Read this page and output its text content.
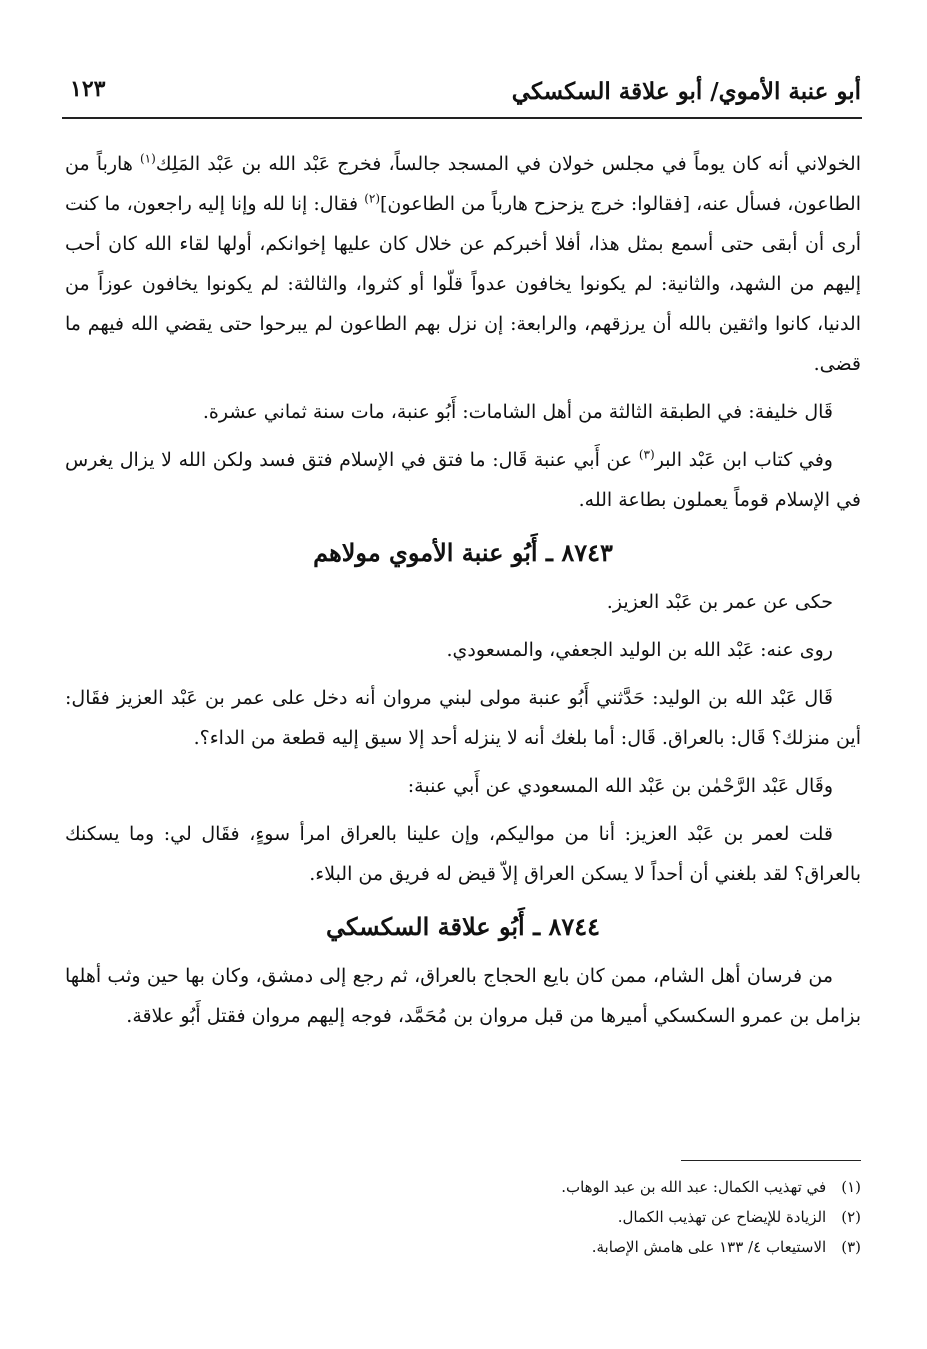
أبو عنبة الأموي/ أبو علاقة السكسكي
١٢٣

الخولاني أنه كان يوماً في مجلس خولان في المسجد جالساً، فخرج عَبْد الله بن عَبْد المَلِك$^{(١)}$ هارباً من الطاعون، فسأل عنه، [فقالوا: خرج يزحزح هارباً من الطاعون]$^{(٢)}$ فقال: إنا لله وإنا إليه راجعون، ما كنت أرى أن أبقى حتى أسمع بمثل هذا، أفلا أخبركم عن خلال كان عليها إخوانكم، أولها لقاء الله كان أحب إليهم من الشهد، والثانية: لم يكونوا يخافون عدواً قلّوا أو كثروا، والثالثة: لم يكونوا يخافون عوزاً من الدنيا، كانوا واثقين بالله أن يرزقهم، والرابعة: إن نزل بهم الطاعون لم يبرحوا حتى يقضي الله فيهم ما قضى.

قَال خليفة: في الطبقة الثالثة من أهل الشامات: أَبُو عنبة، مات سنة ثماني عشرة.

وفي كتاب ابن عَبْد البر$^{(٣)}$ عن أَبي عنبة قَال: ما فتق في الإسلام فتق فسد ولكن الله لا يزال يغرس في الإسلام قوماً يعملون بطاعة الله.

٨٧٤٣ ـ أَبُو عنبة الأموي مولاهم

حكى عن عمر بن عَبْد العزيز.

روى عنه: عَبْد الله بن الوليد الجعفي، والمسعودي.

قَال عَبْد الله بن الوليد: حَدَّثني أَبُو عنبة مولى لبني مروان أنه دخل على عمر بن عَبْد العزيز فقَال: أين منزلك؟ قَال: بالعراق. قَال: أما بلغك أنه لا ينزله أحد إلا سيق إليه قطعة من الداء؟.

وقَال عَبْد الرَّحْمٰن بن عَبْد الله المسعودي عن أَبي عنبة:

قلت لعمر بن عَبْد العزيز: أنا من مواليكم، وإن علينا بالعراق امرأ سوءٍ، فقَال لي: وما يسكنك بالعراق؟ لقد بلغني أن أحداً لا يسكن العراق إلاّ قيض له فريق من البلاء.

٨٧٤٤ ـ أَبُو علاقة السكسكي

من فرسان أهل الشام، ممن كان بايع الحجاج بالعراق، ثم رجع إلى دمشق، وكان بها حين وثب أهلها بزامل بن عمرو السكسكي أميرها من قبل مروان بن مُحَمَّد، فوجه إليهم مروان فقتل أَبُو علاقة.

(١) في تهذيب الكمال: عبد الله بن عبد الوهاب.

(٢) الزيادة للإيضاح عن تهذيب الكمال.

(٣) الاستيعاب ٤/ ١٣٣ على هامش الإصابة.
